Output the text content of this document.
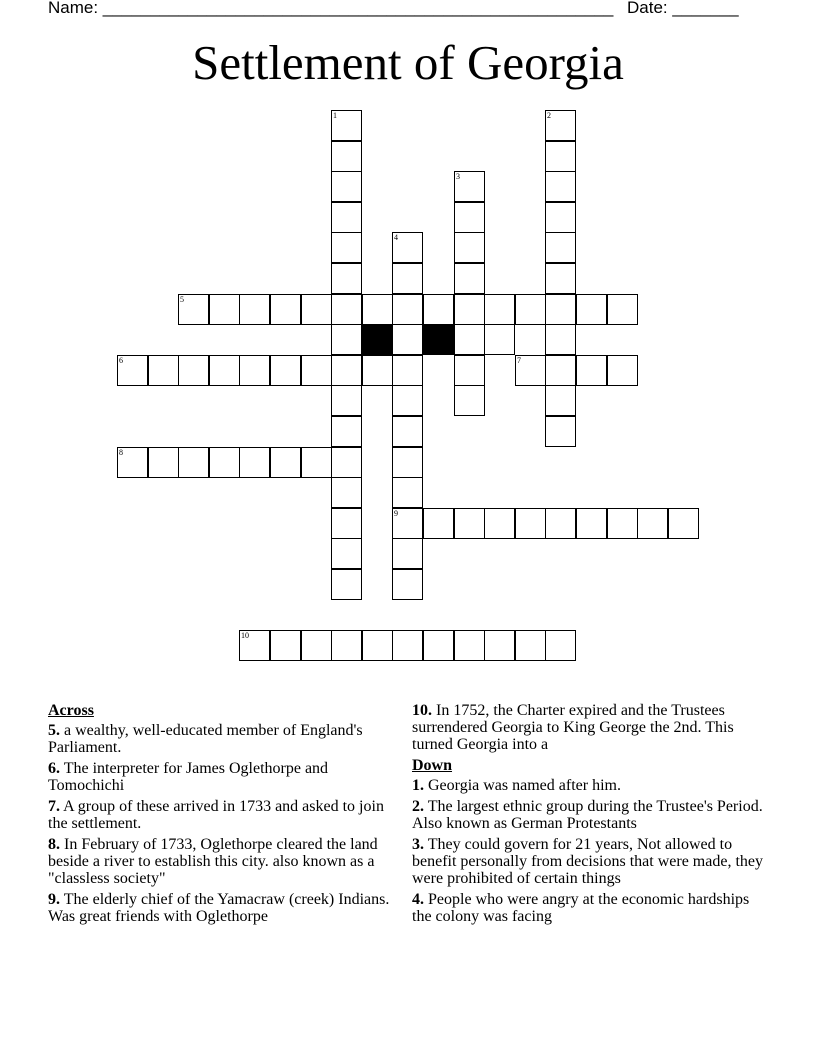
Name: ______________________________________________________ Date: _______
Settlement of Georgia
5
6	7
8
9
10
1	2
3
4
Across
5. a wealthy, well-educated member of England's Parliament.
6. The interpreter for James Oglethorpe and Tomochichi
7. A group of these arrived in 1733 and asked to join the settlement.
8. In February of 1733, Oglethorpe cleared the land beside a river to establish this city. also known as a "classless society"
9. The elderly chief of the Yamacraw (creek) Indians. Was great friends with Oglethorpe
10. In 1752, the Charter expired and the Trustees surrendered Georgia to King George the 2nd. This turned Georgia into a
Down
1. Georgia was named after him.
2. The largest ethnic group during the Trustee's Period. Also known as German Protestants
3. They could govern for 21 years, Not allowed to benefit personally from decisions that were made, they were prohibited of certain things
4. People who were angry at the economic hardships the colony was facing
